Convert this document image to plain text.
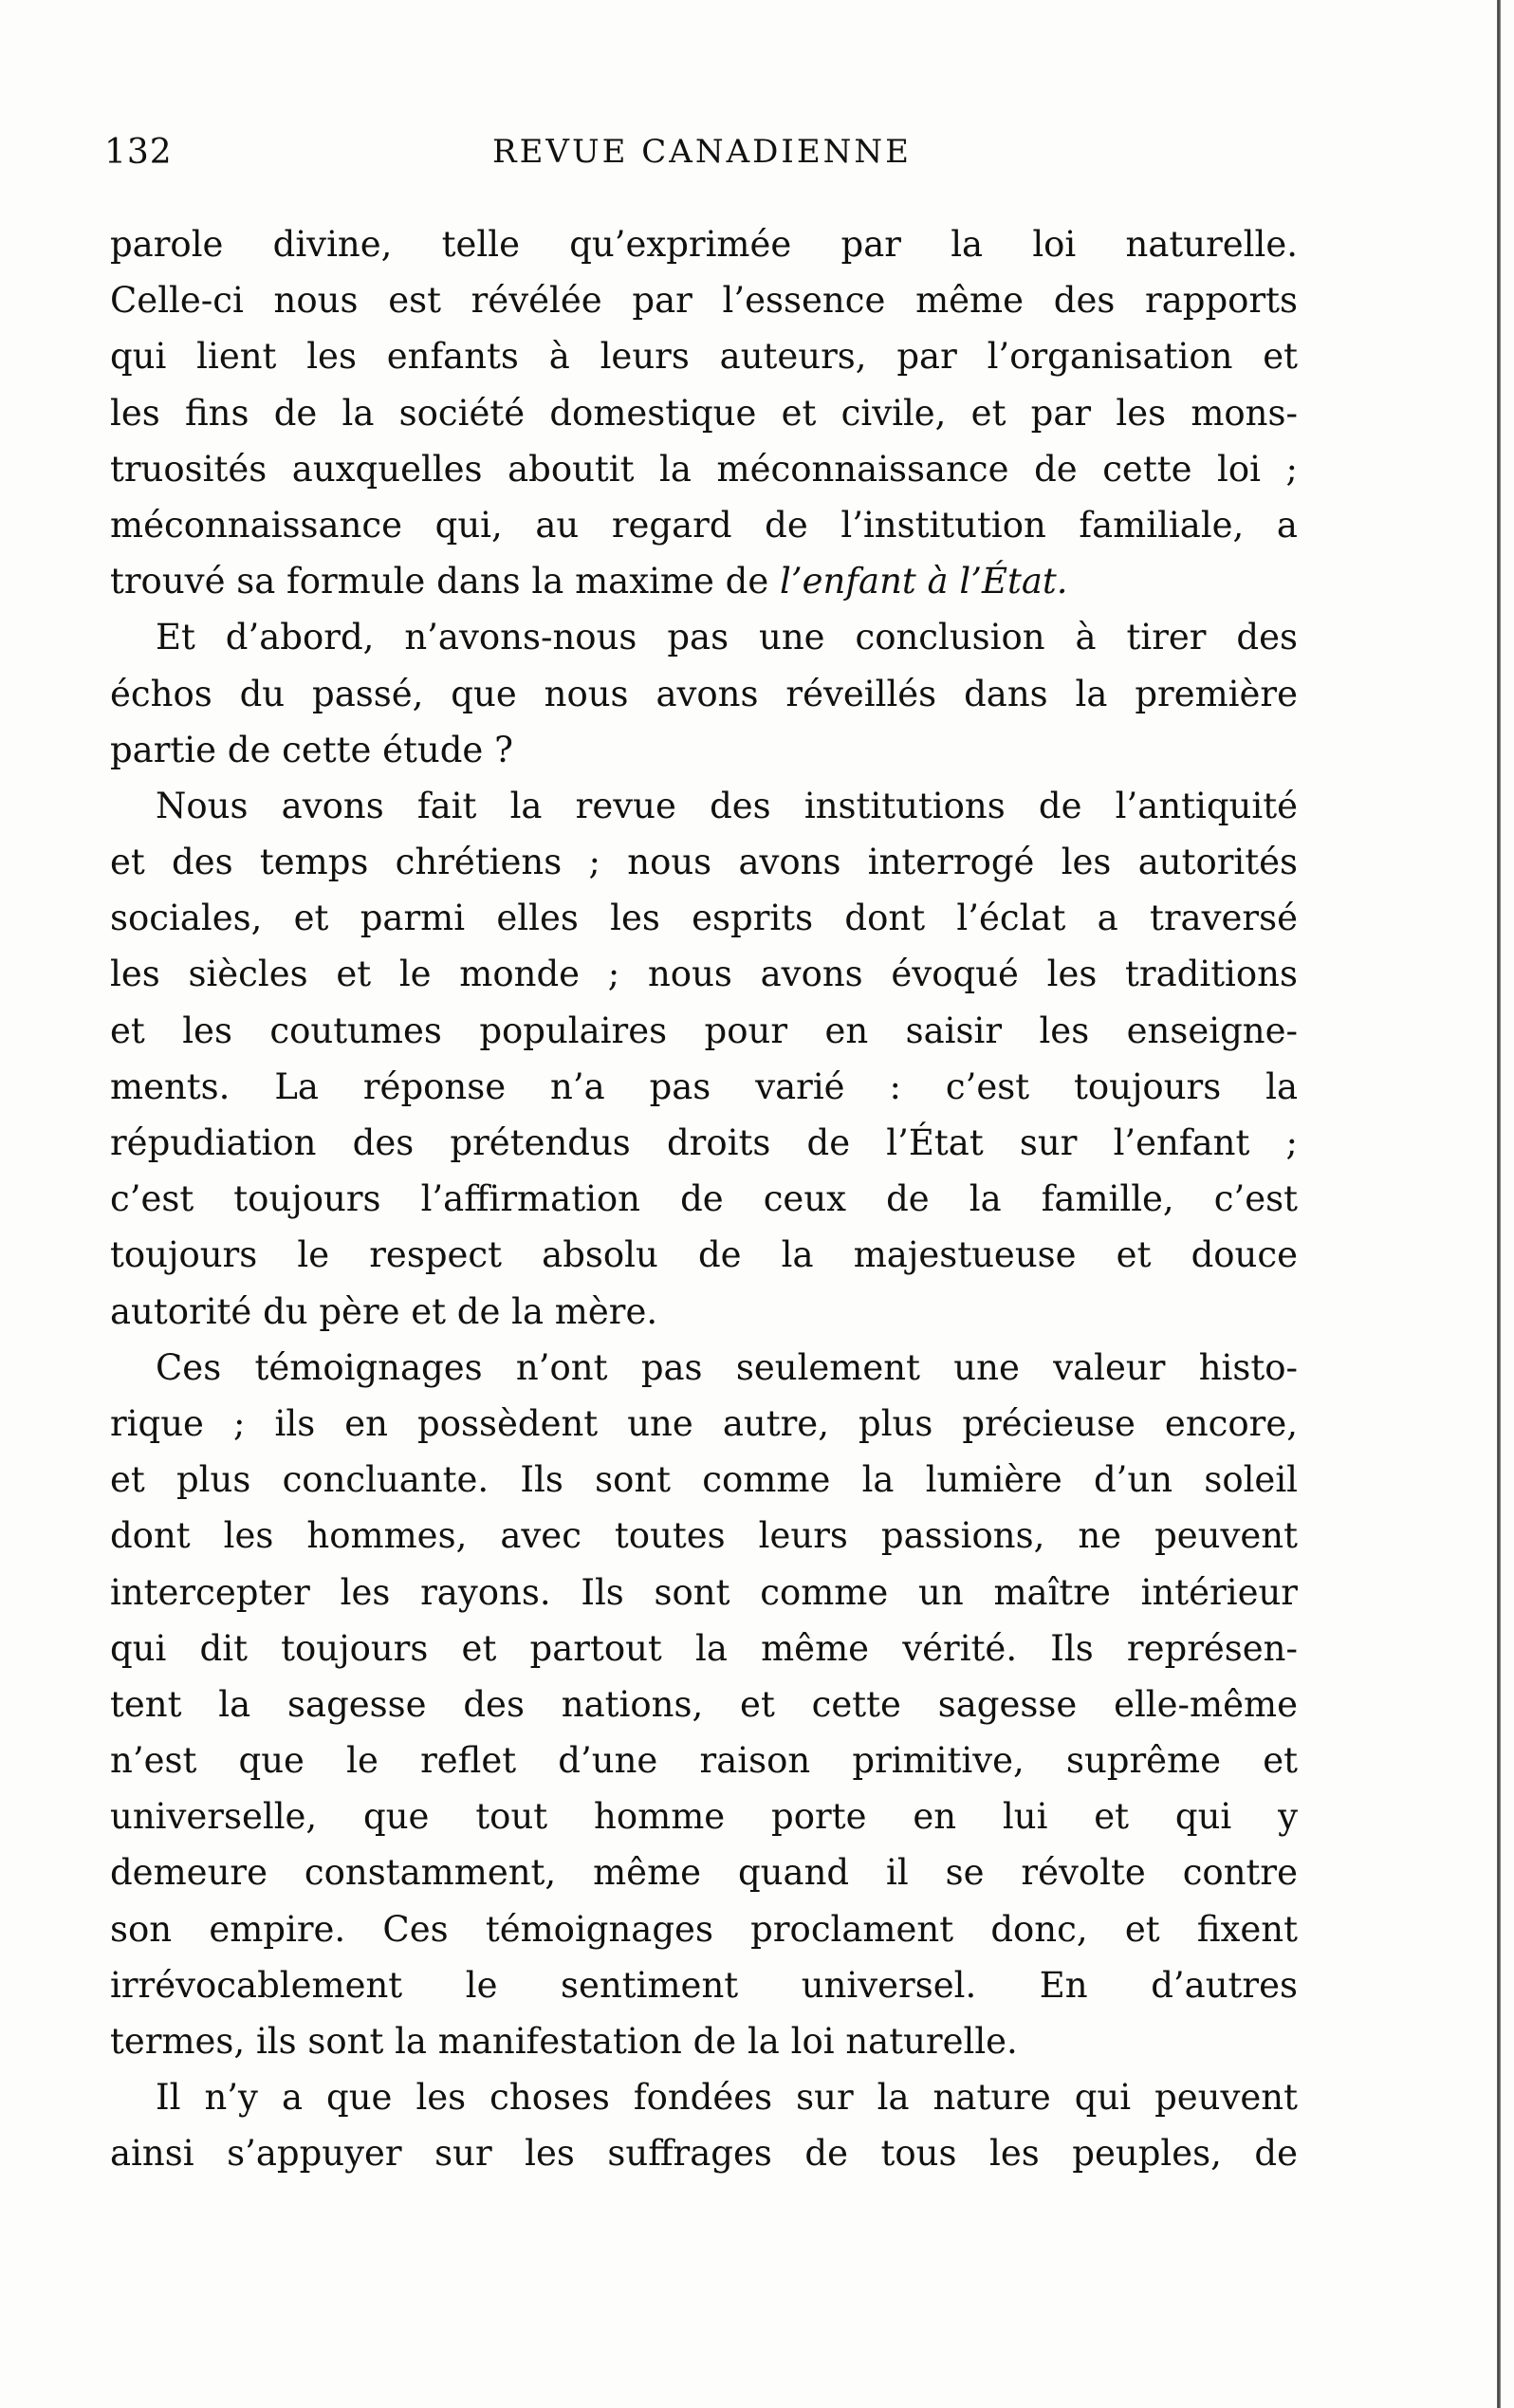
132	REVUE CANADIENNE
parole divine, telle qu’exprimée par la loi naturelle.
Celle-ci nous est révélée par l’essence même des rapports
qui lient les enfants à leurs auteurs, par l’organisation et
les fins de la société domestique et civile, et par les mons-
truosités auxquelles aboutit la méconnaissance de cette loi ;
méconnaissance qui, au regard de l’institution familiale, a
trouvé sa formule dans la maxime de l’enfant à l’État.
Et d’abord, n’avons-nous pas une conclusion à tirer des
échos du passé, que nous avons réveillés dans la première
partie de cette étude ?
Nous avons fait la revue des institutions de l’antiquité
et des temps chrétiens ; nous avons interrogé les autorités
sociales, et parmi elles les esprits dont l’éclat a traversé
les siècles et le monde ; nous avons évoqué les traditions
et les coutumes populaires pour en saisir les enseigne-
ments. La réponse n’a pas varié : c’est toujours la
répudiation des prétendus droits de l’État sur l’enfant ;
c’est toujours l’affirmation de ceux de la famille, c’est
toujours le respect absolu de la majestueuse et douce
autorité du père et de la mère.
Ces témoignages n’ont pas seulement une valeur histo-
rique ; ils en possèdent une autre, plus précieuse encore,
et plus concluante. Ils sont comme la lumière d’un soleil
dont les hommes, avec toutes leurs passions, ne peuvent
intercepter les rayons. Ils sont comme un maître intérieur
qui dit toujours et partout la même vérité. Ils représen-
tent la sagesse des nations, et cette sagesse elle-même
n’est que le reflet d’une raison primitive, suprême et
universelle, que tout homme porte en lui et qui y
demeure constamment, même quand il se révolte contre
son empire. Ces témoignages proclament donc, et fixent
irrévocablement le sentiment universel. En d’autres
termes, ils sont la manifestation de la loi naturelle.
Il n’y a que les choses fondées sur la nature qui peuvent
ainsi s’appuyer sur les suffrages de tous les peuples, de
